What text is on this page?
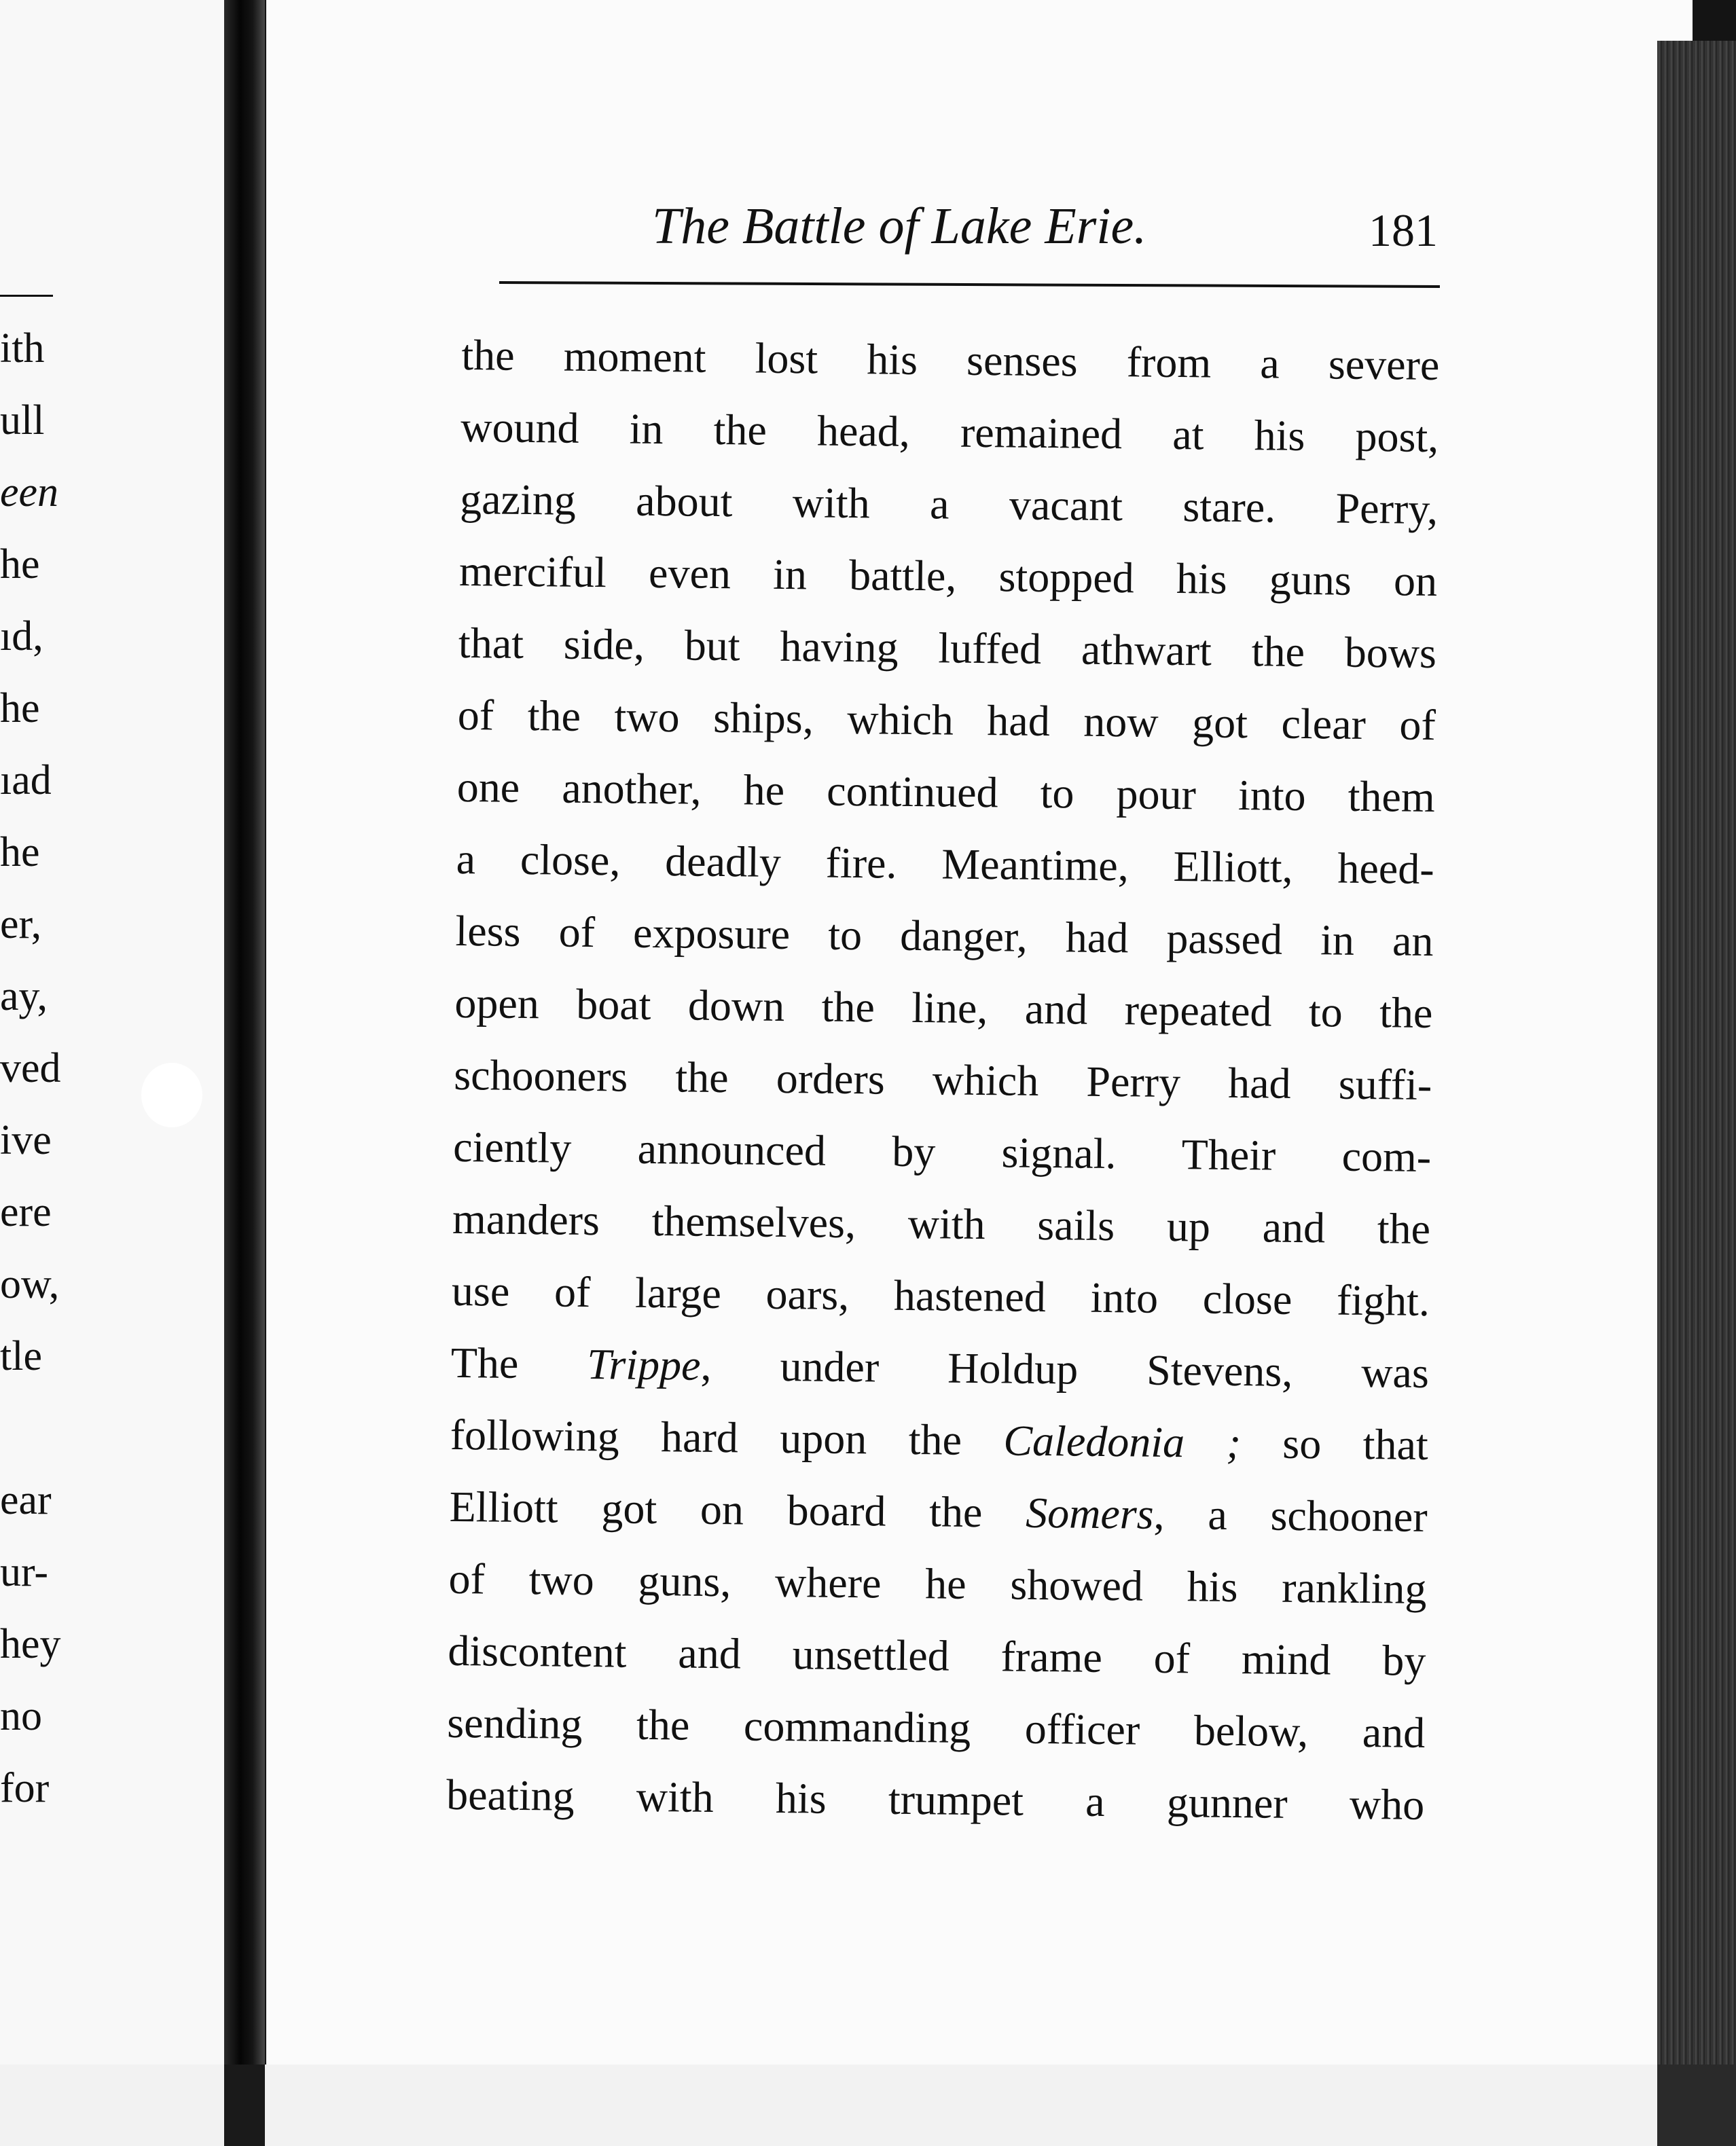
ith
ull
een
he
ıd,
he
ıad
he
er,
ay,
ved
ive
ere
ow,
tle
ear
ur-
hey
no
for
The Battle of Lake Erie.	181
the moment lost his senses from a severe
wound in the head, remained at his post,
gazing about with a vacant stare. Perry,
merciful even in battle, stopped his guns on
that side, but having luffed athwart the bows
of the two ships, which had now got clear of
one another, he continued to pour into them
a close, deadly fire. Meantime, Elliott, heed-
less of exposure to danger, had passed in an
open boat down the line, and repeated to the
schooners the orders which Perry had suffi-
ciently announced by signal. Their com-
manders themselves, with sails up and the
use of large oars, hastened into close fight.
The Trippe, under Holdup Stevens, was
following hard upon the Caledonia ; so that
Elliott got on board the Somers, a schooner
of two guns, where he showed his rankling
discontent and unsettled frame of mind by
sending the commanding officer below, and
beating with his trumpet a gunner who
